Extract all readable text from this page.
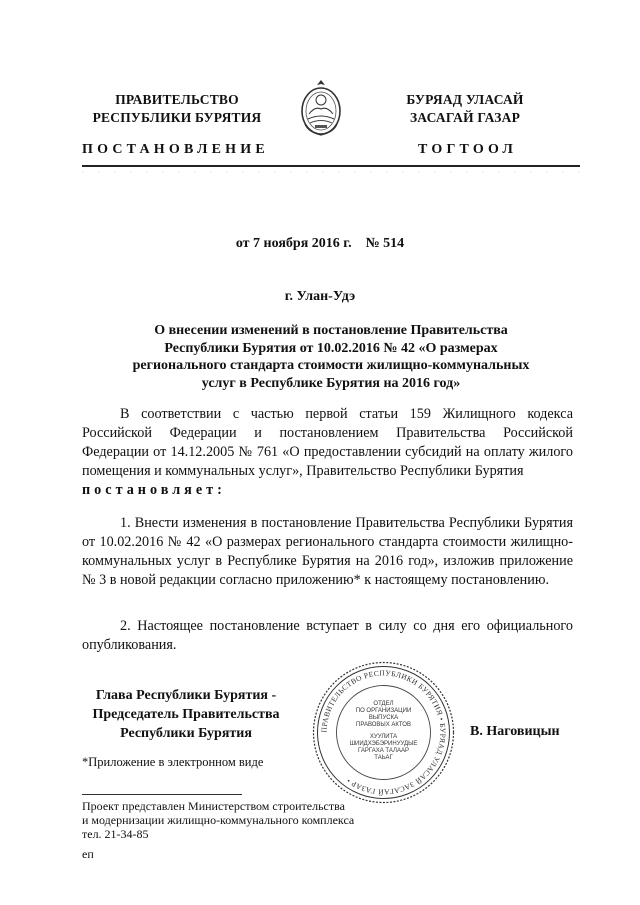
ПРАВИТЕЛЬСТВО
РЕСПУБЛИКИ БУРЯТИЯ
БУРЯАД УЛАСАЙ
ЗАСАГАЙ ГАЗАР
ПОСТАНОВЛЕНИЕ	ТОГТООЛ
· · · · · · · · · · · · · · · · · · · · · · · · · · · · · · · ·
от 7 ноября 2016 г.    № 514
г. Улан-Удэ
О внесении изменений в постановление Правительства
Республики Бурятия от 10.02.2016 № 42 «О размерах
регионального стандарта стоимости жилищно-коммунальных
услуг в Республике Бурятия на 2016 год»

В соответствии с частью первой статьи 159 Жилищного кодекса Российской Федерации и постановлением Правительства Российской Федерации от 14.12.2005 № 761 «О предоставлении субсидий на оплату жилого помещения и коммунальных услуг», Правительство Республики Бурятия

постановляет:

1. Внести изменения в постановление Правительства Республики Бурятия от 10.02.2016 № 42 «О размерах регионального стандарта стоимости жилищно-коммунальных услуг в Республике Бурятия на 2016 год», изложив приложение № 3 в новой редакции согласно приложению* к настоящему постановлению.

2. Настоящее постановление вступает в силу со дня его официального опубликования.

Глава Республики Бурятия -
Председатель Правительства
Республики Бурятия	ПРАВИТЕЛЬСТВО РЕСПУБЛИКИ БУРЯТИЯ • БУРЯАД УЛАСАЙ ЗАСАГАЙ ГАЗАР •
ОТДЕЛ
ПО ОРГАНИЗАЦИИ
ВЫПУСКА
ПРАВОВЫХ АКТОВ
ХУУЛИТА
ШИИДХЭБЭРИНУУДЫЕ
ГАРГАХА ТАЛААР
ТАЬАГ
В. Наговицын
*Приложение в электронном виде
Проект представлен Министерством строительства
и модернизации жилищно-коммунального комплекса
тел. 21-34-85
еп
